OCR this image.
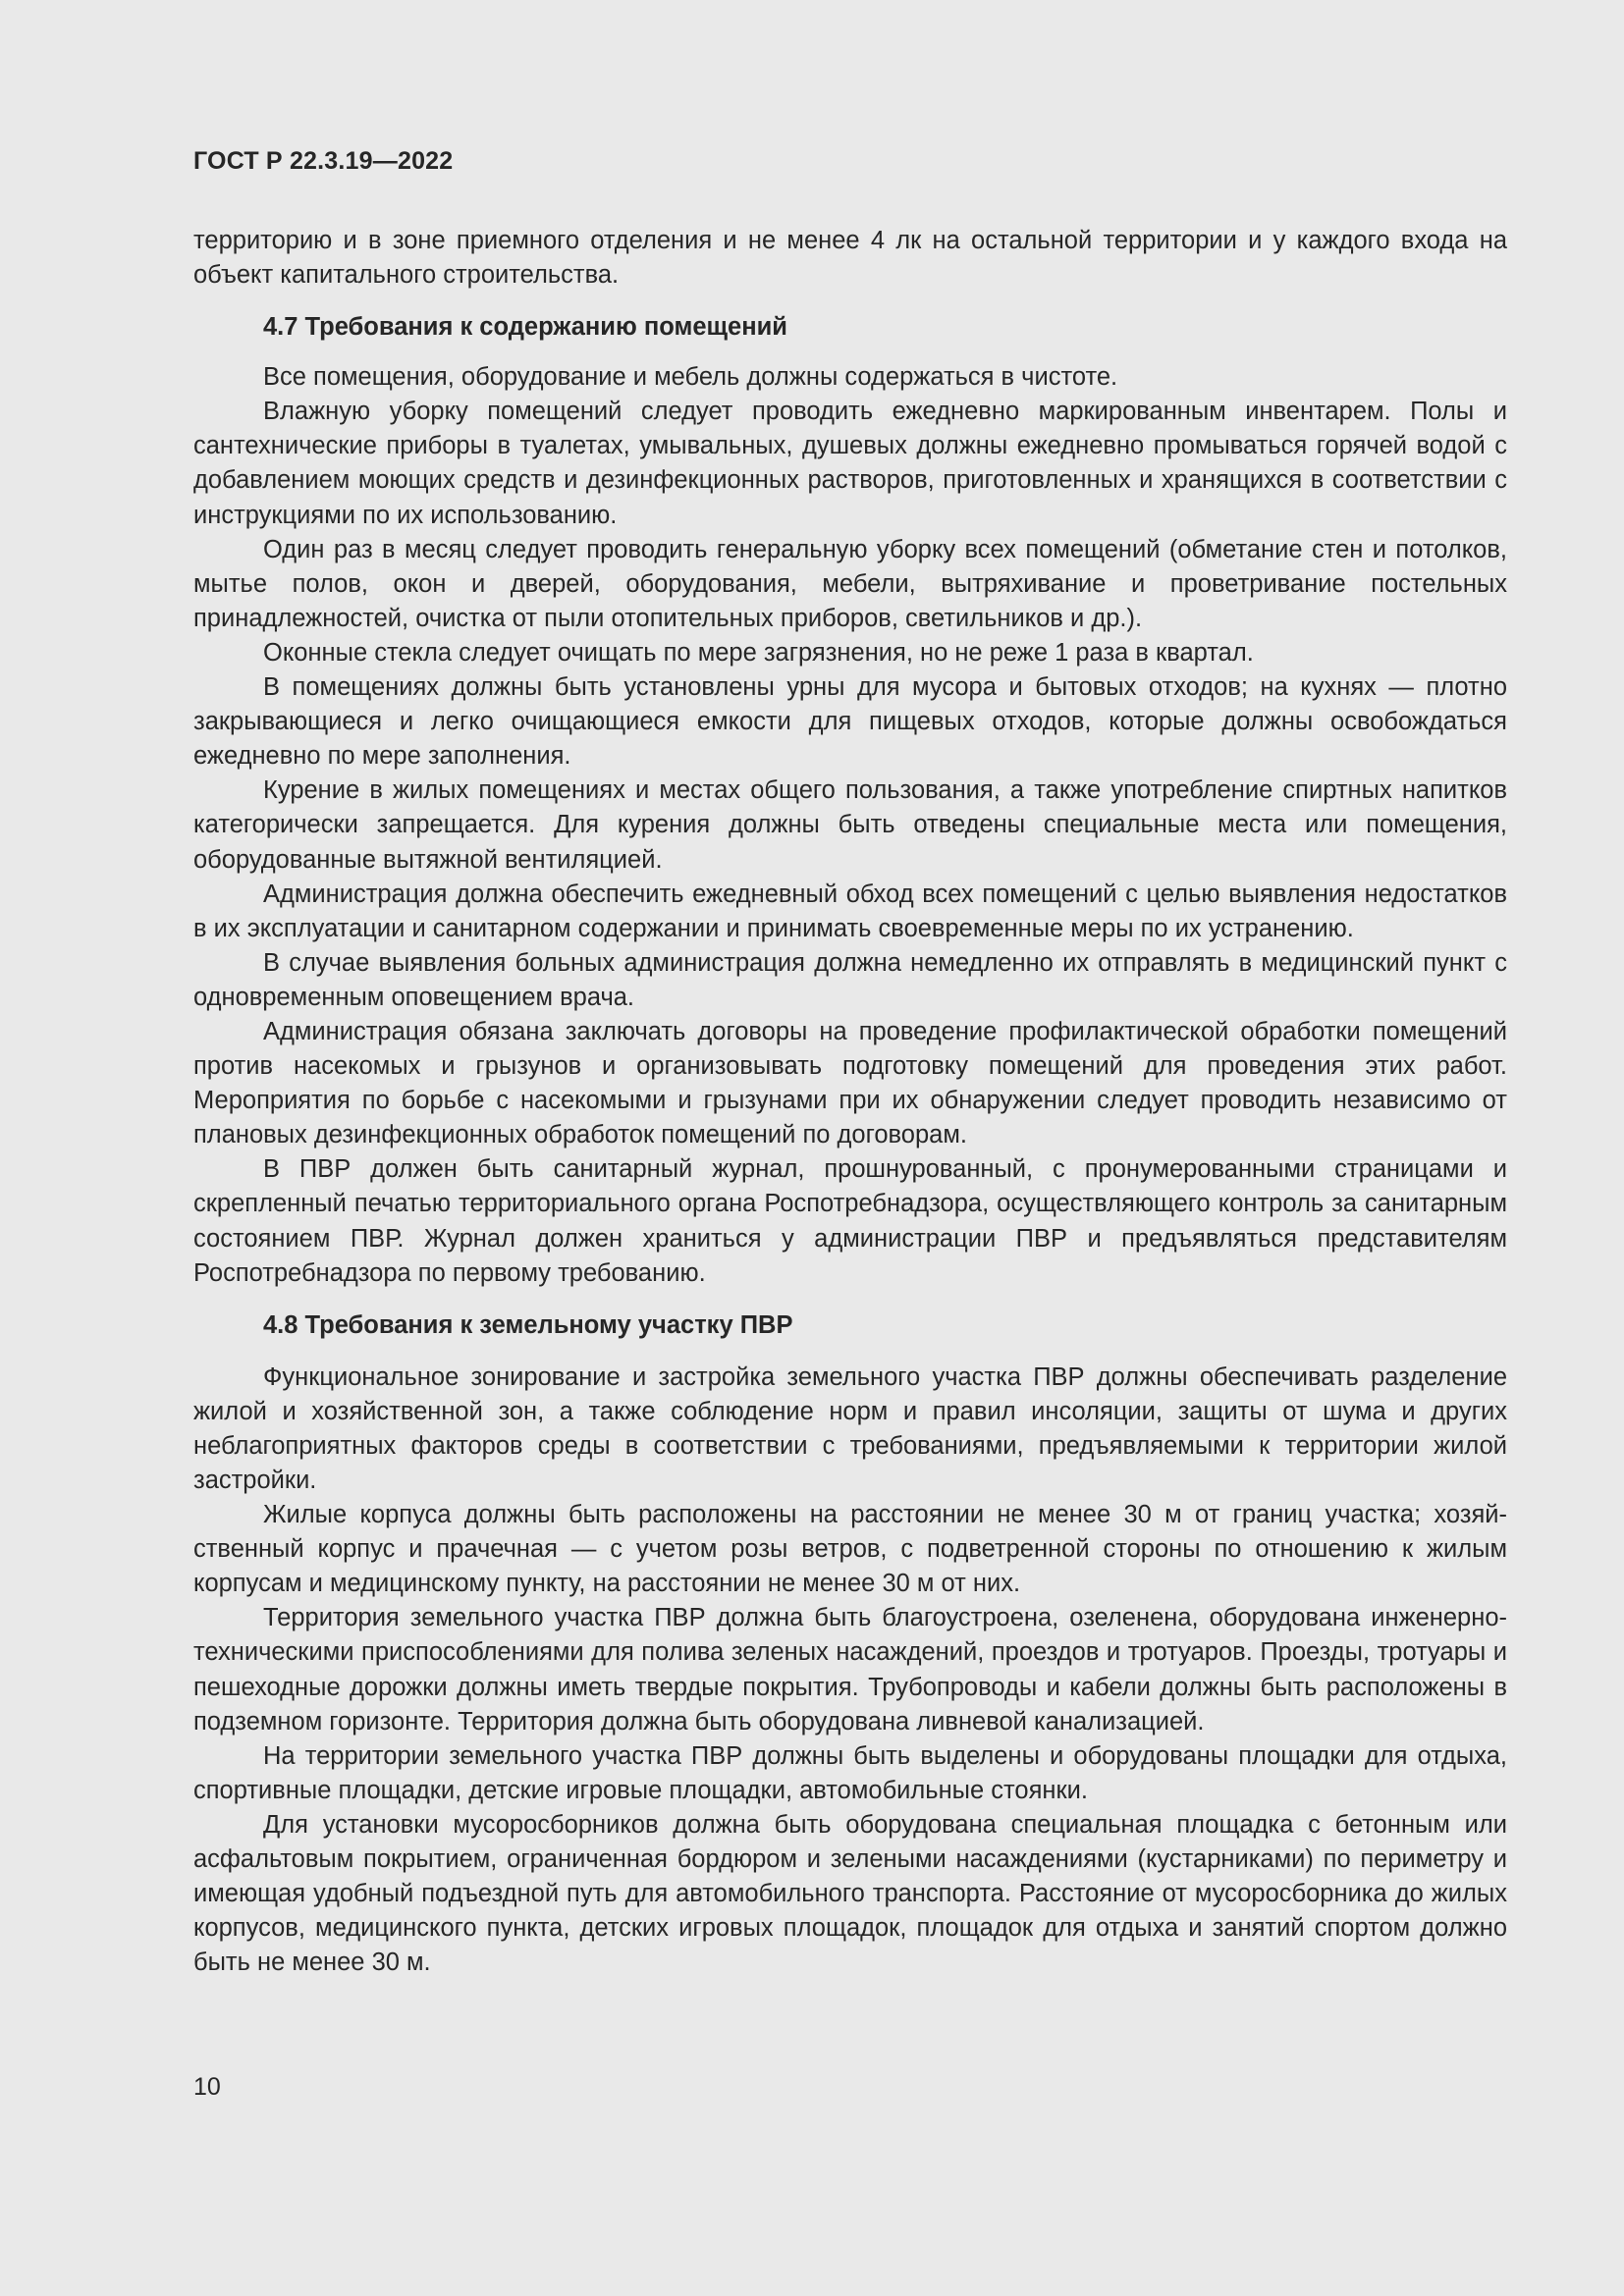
ГОСТ Р 22.3.19—2022

территорию и в зоне приемного отделения и не менее 4 лк на остальной территории и у каждого входа на объект капитального строительства.

4.7 Требования к содержанию помещений

Все помещения, оборудование и мебель должны содержаться в чистоте.

Влажную уборку помещений следует проводить ежедневно маркированным инвентарем. Полы и сантехнические приборы в туалетах, умывальных, душевых должны ежедневно промываться горячей водой с добавлением моющих средств и дезинфекционных растворов, приготовленных и хранящихся в соответствии с инструкциями по их использованию.

Один раз в месяц следует проводить генеральную уборку всех помещений (обметание стен и потолков, мытье полов, окон и дверей, оборудования, мебели, вытряхивание и проветривание постельных принадлежностей, очистка от пыли отопительных приборов, светильников и др.).

Оконные стекла следует очищать по мере загрязнения, но не реже 1 раза в квартал.

В помещениях должны быть установлены урны для мусора и бытовых отходов; на кухнях — плотно закрывающиеся и легко очищающиеся емкости для пищевых отходов, которые должны освобождаться ежедневно по мере заполнения.

Курение в жилых помещениях и местах общего пользования, а также употребление спиртных напитков категорически запрещается. Для курения должны быть отведены специальные места или помещения, оборудованные вытяжной вентиляцией.

Администрация должна обеспечить ежедневный обход всех помещений с целью выявления недостатков в их эксплуатации и санитарном содержании и принимать своевременные меры по их устранению.

В случае выявления больных администрация должна немедленно их отправлять в медицинский пункт с одновременным оповещением врача.

Администрация обязана заключать договоры на проведение профилактической обработки помещений против насекомых и грызунов и организовывать подготовку помещений для проведения этих работ. Мероприятия по борьбе с насекомыми и грызунами при их обнаружении следует проводить независимо от плановых дезинфекционных обработок помещений по договорам.

В ПВР должен быть санитарный журнал, прошнурованный, с пронумерованными страницами и скрепленный печатью территориального органа Роспотребнадзора, осуществляющего контроль за санитарным состоянием ПВР. Журнал должен храниться у администрации ПВР и предъявляться представителям Роспотребнадзора по первому требованию.

4.8 Требования к земельному участку ПВР

Функциональное зонирование и застройка земельного участка ПВР должны обеспечивать разделение жилой и хозяйственной зон, а также соблюдение норм и правил инсоляции, защиты от шума и других неблагоприятных факторов среды в соответствии с требованиями, предъявляемыми к территории жилой застройки.

Жилые корпуса должны быть расположены на расстоянии не менее 30 м от границ участка; хозяйственный корпус и прачечная — с учетом розы ветров, с подветренной стороны по отношению к жилым корпусам и медицинскому пункту, на расстоянии не менее 30 м от них.

Территория земельного участка ПВР должна быть благоустроена, озеленена, оборудована инженерно-техническими приспособлениями для полива зеленых насаждений, проездов и тротуаров. Проезды, тротуары и пешеходные дорожки должны иметь твердые покрытия. Трубопроводы и кабели должны быть расположены в подземном горизонте. Территория должна быть оборудована ливневой канализацией.

На территории земельного участка ПВР должны быть выделены и оборудованы площадки для отдыха, спортивные площадки, детские игровые площадки, автомобильные стоянки.

Для установки мусоросборников должна быть оборудована специальная площадка с бетонным или асфальтовым покрытием, ограниченная бордюром и зелеными насаждениями (кустарниками) по периметру и имеющая удобный подъездной путь для автомобильного транспорта. Расстояние от мусоросборника до жилых корпусов, медицинского пункта, детских игровых площадок, площадок для отдыха и занятий спортом должно быть не менее 30 м.

10
